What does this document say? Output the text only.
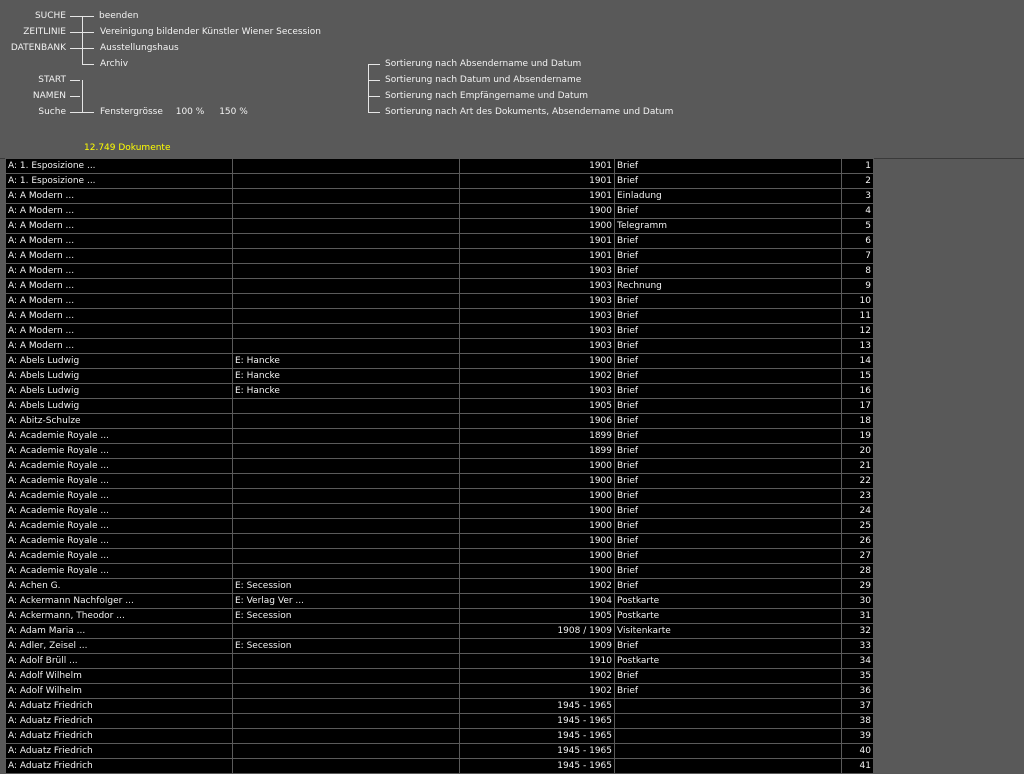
SUCHE
ZEITLINIE
DATENBANK
START
NAMEN
Suche
beenden
Vereinigung bildender Künstler Wiener Secession
Ausstellungshaus
Archiv
Fenstergrösse 100 % 150 %
Sortierung nach Absendername und Datum
Sortierung nach Datum und Absendername
Sortierung nach Empfängername und Datum
Sortierung nach Art des Dokuments, Absendername und Datum
12.749 Dokumente
A: 1. Esposizione ...		1901	Brief	1
A: 1. Esposizione ...		1901	Brief	2
A: A Modern ...		1901	Einladung	3
A: A Modern ...		1900	Brief	4
A: A Modern ...		1900	Telegramm	5
A: A Modern ...		1901	Brief	6
A: A Modern ...		1901	Brief	7
A: A Modern ...		1903	Brief	8
A: A Modern ...		1903	Rechnung	9
A: A Modern ...		1903	Brief	10
A: A Modern ...		1903	Brief	11
A: A Modern ...		1903	Brief	12
A: A Modern ...		1903	Brief	13
A: Abels Ludwig	E: Hancke	1900	Brief	14
A: Abels Ludwig	E: Hancke	1902	Brief	15
A: Abels Ludwig	E: Hancke	1903	Brief	16
A: Abels Ludwig		1905	Brief	17
A: Abitz-Schulze		1906	Brief	18
A: Academie Royale ...		1899	Brief	19
A: Academie Royale ...		1899	Brief	20
A: Academie Royale ...		1900	Brief	21
A: Academie Royale ...		1900	Brief	22
A: Academie Royale ...		1900	Brief	23
A: Academie Royale ...		1900	Brief	24
A: Academie Royale ...		1900	Brief	25
A: Academie Royale ...		1900	Brief	26
A: Academie Royale ...		1900	Brief	27
A: Academie Royale ...		1900	Brief	28
A: Achen G.	E: Secession	1902	Brief	29
A: Ackermann Nachfolger ...	E: Verlag Ver ...	1904	Postkarte	30
A: Ackermann, Theodor ...	E: Secession	1905	Postkarte	31
A: Adam Maria ...		1908 / 1909	Visitenkarte	32
A: Adler, Zeisel ...	E: Secession	1909	Brief	33
A: Adolf Brüll ...		1910	Postkarte	34
A: Adolf Wilhelm		1902	Brief	35
A: Adolf Wilhelm		1902	Brief	36
A: Aduatz Friedrich		1945 - 1965		37
A: Aduatz Friedrich		1945 - 1965		38
A: Aduatz Friedrich		1945 - 1965		39
A: Aduatz Friedrich		1945 - 1965		40
A: Aduatz Friedrich		1945 - 1965		41
